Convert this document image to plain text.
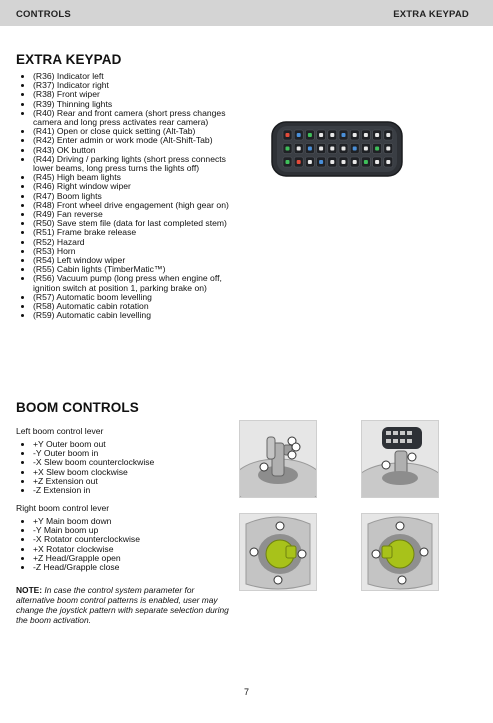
CONTROLS	EXTRA KEYPAD
EXTRA KEYPAD
• (R36) Indicator left
• (R37) Indicator right
• (R38) Front wiper
• (R39) Thinning lights
• (R40) Rear and front camera (short press changes camera and long press activates rear camera)
• (R41) Open or close quick setting (Alt-Tab)
• (R42) Enter admin or work mode (Alt-Shift-Tab)
• (R43) OK button
• (R44) Driving / parking lights (short press connects lower beams, long press turns the lights off)
• (R45) High beam lights
• (R46) Right window wiper
• (R47) Boom lights
• (R48) Front wheel drive engagement (high gear on)
• (R49) Fan reverse
• (R50) Save stem file (data for last completed stem)
• (R51) Frame brake release
• (R52) Hazard
• (R53) Horn
• (R54) Left window wiper
• (R55) Cabin lights (TimberMatic™)
• (R56) Vacuum pump (long press when engine off, ignition switch at position 1, parking brake on)
• (R57) Automatic boom levelling
• (R58) Automatic cabin rotation
• (R59) Automatic cabin levelling
BOOM CONTROLS
Left boom control lever
• +Y Outer boom out
• -Y Outer boom in
• -X Slew boom counterclockwise
• +X Slew boom clockwise
• +Z Extension out
• -Z Extension in
Right boom control lever
• +Y Main boom down
• -Y Main boom up
• -X Rotator counterclockwise
• +X Rotator clockwise
• +Z Head/Grapple open
• -Z Head/Grapple close
NOTE: In case the control system parameter for alternative boom control patterns is enabled, user may change the joystick pattern with separate selection during the boom activation.
7
